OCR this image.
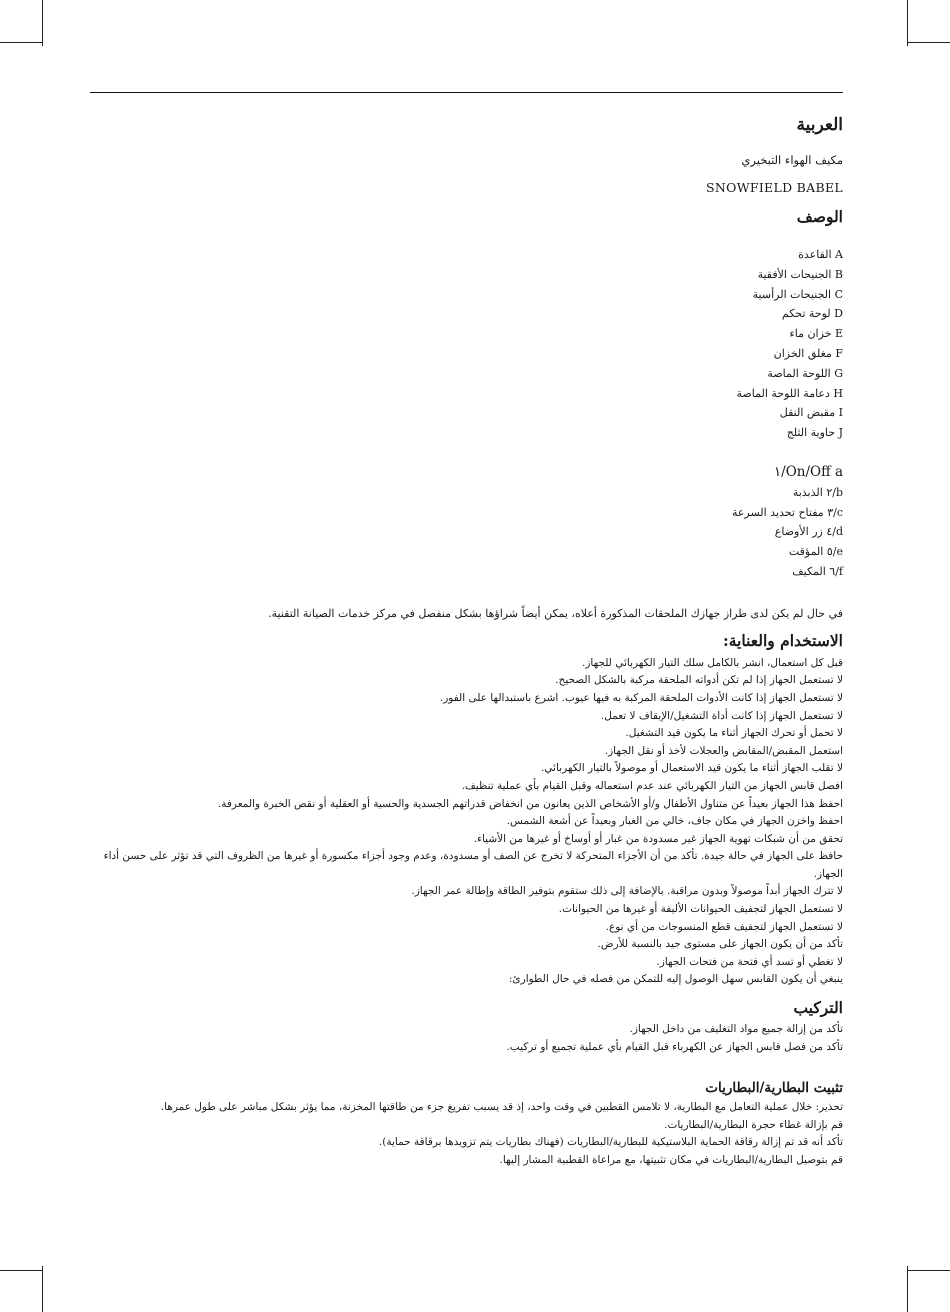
العربية
مكيف الهواء التبخيري
SNOWFIELD BABEL
الوصف
A القاعدة
B الجنيحات الأفقية
C الجنيحات الرأسية
D لوحة تحكم
E خزان ماء
F مغلق الخزان
G اللوحة الماصة
H دعامة اللوحة الماصة
I مقبض النقل
J حاوية الثلج
On/Off a/١
b/٢ الذبذبة
c/٣ مفتاح تحديد السرعة
d/٤ زر الأوضاع
e/٥ المؤقت
f/٦ المكيف
في حال لم يكن لدى طراز جهازك الملحقات المذكورة أعلاه، يمكن أيضاً شراؤها بشكل منفصل في مركز خدمات الصيانة التقنية.
الاستخدام والعناية:
قبل كل استعمال، انشر بالكامل سلك التيار الكهربائي للجهاز.
لا تستعمل الجهاز إذا لم تكن أدواته الملحقة مركبة بالشكل الصحيح.
لا تستعمل الجهاز إذا كانت الأدوات الملحقة المركبة به فيها عيوب. اشرع باستبدالها على الفور.
لا تستعمل الجهاز إذا كانت أداة التشغيل/الإيقاف لا تعمل.
لا تحمل أو تحرك الجهاز أثناء ما يكون قيد التشغيل.
استعمل المقبض/المقابض والعجلات لأخذ أو نقل الجهاز.
لا تقلب الجهاز أثناء ما يكون قيد الاستعمال أو موصولاً بالتيار الكهربائي.
افصل قابس الجهاز من التيار الكهربائي عند عدم استعماله وقبل القيام بأي عملية تنظيف.
احفظ هذا الجهاز بعيداً عن متناول الأطفال و/أو الأشخاص الذين يعانون من انخفاض قدراتهم الجسدية والحسية أو العقلية أو نقص الخبرة والمعرفة.
احفظ واخزن الجهاز في مكان جاف، خالي من الغبار وبعيداً عن أشعة الشمس.
تحقق من أن شبكات تهوية الجهاز غير مسدودة من غبار أو أوساخ أو غيرها من الأشياء.
حافظ على الجهاز في حالة جيدة. تأكد من أن الأجزاء المتحركة لا تخرج عن الصف أو مسدودة، وعدم وجود أجزاء مكسورة أو غيرها من الظروف التي قد تؤثر على حسن أداء الجهاز.
لا تترك الجهاز أبداً موصولاً وبدون مراقبة. بالإضافة إلى ذلك ستقوم بتوفير الطاقة وإطالة عمر الجهاز.
لا تستعمل الجهاز لتجفيف الحيوانات الأليفة أو غيرها من الحيوانات.
لا تستعمل الجهاز لتجفيف قطع المنسوجات من أي نوع.
تأكد من أن يكون الجهاز على مستوى جيد بالنسبة للأرض.
لا تغطي أو تسد أي فتحة من فتحات الجهاز.
ينبغي أن يكون القابس سهل الوصول إليه للتمكن من فصله في حال الطوارئ:
التركيب
تأكد من إزالة جميع مواد التغليف من داخل الجهاز.
تأكد من فصل قابس الجهاز عن الكهرباء قبل القيام بأي عملية تجميع أو تركيب.
تثبيت البطارية/البطاريات
تحذير: خلال عملية التعامل مع البطارية، لا تلامس القطبين في وقت واحد، إذ قد يسبب تفريغ جزء من طاقتها المخزنة، مما يؤثر بشكل مباشر على طول عمرها.
قم بإزالة غطاء حجرة البطارية/البطاريات.
تأكد أنه قد تم إزالة رقاقة الحماية البلاستيكية للبطارية/البطاريات (فهناك بطاريات يتم تزويدها برقاقة حماية).
قم بتوصيل البطارية/البطاريات في مكان تثبيتها، مع مراعاة القطبية المشار إليها.
